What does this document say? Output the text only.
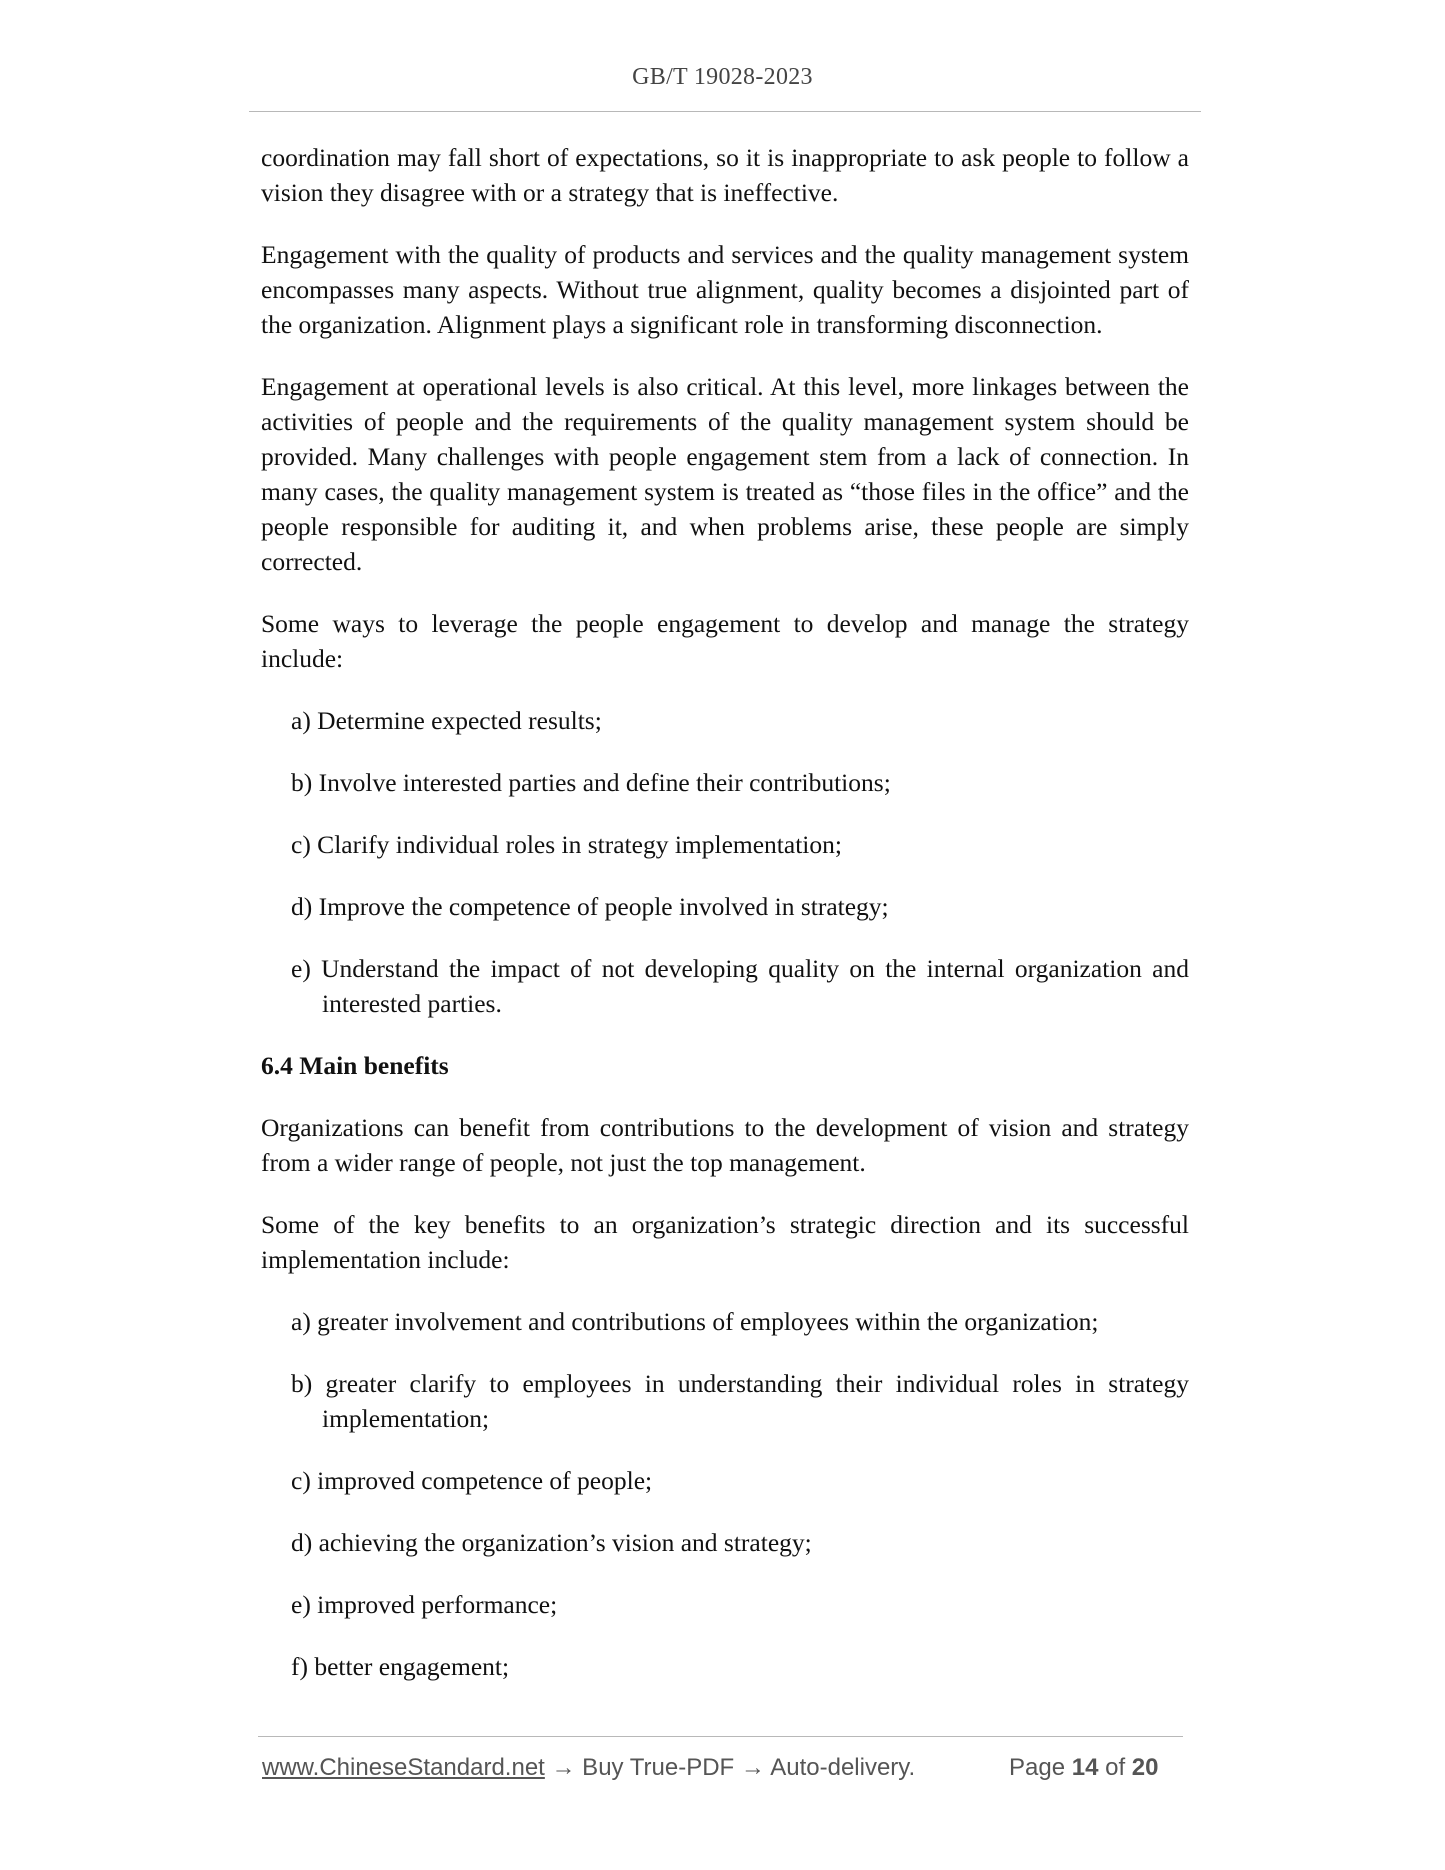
GB/T 19028-2023

coordination may fall short of expectations, so it is inappropriate to ask people to follow a vision they disagree with or a strategy that is ineffective.

Engagement with the quality of products and services and the quality management system encompasses many aspects. Without true alignment, quality becomes a disjointed part of the organization. Alignment plays a significant role in transforming disconnection.

Engagement at operational levels is also critical. At this level, more linkages between the activities of people and the requirements of the quality management system should be provided. Many challenges with people engagement stem from a lack of connection. In many cases, the quality management system is treated as “those files in the office” and the people responsible for auditing it, and when problems arise, these people are simply corrected.

Some ways to leverage the people engagement to develop and manage the strategy include:

a) Determine expected results;
b) Involve interested parties and define their contributions;
c) Clarify individual roles in strategy implementation;
d) Improve the competence of people involved in strategy;
e) Understand the impact of not developing quality on the internal organization and interested parties.
6.4 Main benefits

Organizations can benefit from contributions to the development of vision and strategy from a wider range of people, not just the top management.

Some of the key benefits to an organization’s strategic direction and its successful implementation include:

a) greater involvement and contributions of employees within the organization;
b) greater clarify to employees in understanding their individual roles in strategy implementation;
c) improved competence of people;
d) achieving the organization’s vision and strategy;
e) improved performance;
f) better engagement;
www.ChineseStandard.net → Buy True-PDF → Auto-delivery.	Page 14 of 20
